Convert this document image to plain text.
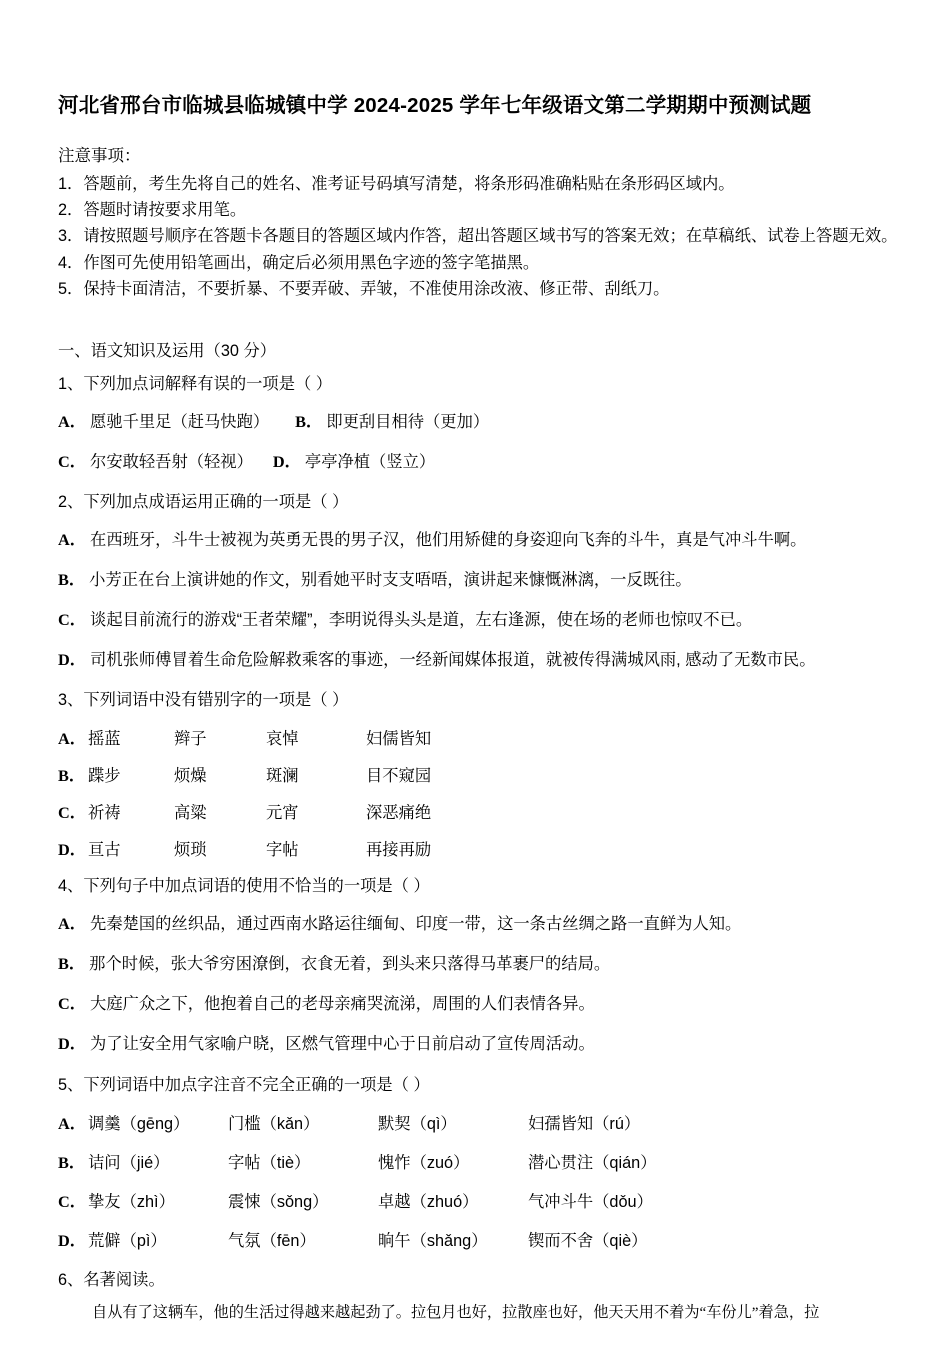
河北省邢台市临城县临城镇中学 2024-2025 学年七年级语文第二学期期中预测试题
注意事项：
1．答题前，考生先将自己的姓名、准考证号码填写清楚，将条形码准确粘贴在条形码区域内。
2．答题时请按要求用笔。
3．请按照题号顺序在答题卡各题目的答题区域内作答，超出答题区域书写的答案无效；在草稿纸、试卷上答题无效。
4．作图可先使用铅笔画出，确定后必须用黑色字迹的签字笔描黑。
5．保持卡面清洁，不要折暴、不要弄破、弄皱，不准使用涂改液、修正带、刮纸刀。
一、语文知识及运用（30 分）
1、下列加点词解释有误的一项是（ ）
A． 愿驰千里足（赶马快跑） B． 即更刮目相待（更加）
C． 尔安敢轻吾射（轻视） D． 亭亭净植（竖立）
2、下列加点成语运用正确的一项是（ ）
A． 在西班牙，斗牛士被视为英勇无畏的男子汉，他们用矫健的身姿迎向飞奔的斗牛，真是气冲斗牛啊。
B． 小芳正在台上演讲她的作文，别看她平时支支唔唔，演讲起来慷慨淋漓，一反既往。
C． 谈起目前流行的游戏“王者荣耀”，李明说得头头是道，左右逢源，使在场的老师也惊叹不已。
D． 司机张师傅冒着生命危险解救乘客的事迹，一经新闻媒体报道，就被传得满城风雨, 感动了无数市民。
3、下列词语中没有错别字的一项是（ ）
A． 摇蓝	辫子	哀悼	妇儒皆知
B． 蹀步	烦燥	斑澜	目不窥园
C． 祈祷	高粱	元宵	深恶痛绝
D． 亘古	烦琐	字帖	再接再励
4、下列句子中加点词语的使用不恰当的一项是（ ）
A． 先秦楚国的丝织品，通过西南水路运往缅甸、印度一带，这一条古丝绸之路一直鲜为人知。
B． 那个时候，张大爷穷困潦倒，衣食无着，到头来只落得马革裹尸的结局。
C． 大庭广众之下，他抱着自己的老母亲痛哭流涕，周围的人们表情各异。
D． 为了让安全用气家喻户晓，区燃气管理中心于日前启动了宣传周活动。
5、下列词语中加点字注音不完全正确的一项是（ ）
A． 调羹（gēng）	门槛（kǎn）	默契（qì）	妇孺皆知（rú）
B． 诘问（jié）	字帖（tiè）	愧怍（zuó）	潜心贯注（qián）
C． 挚友（zhì）	震悚（sǒng）	卓越（zhuó）	气冲斗牛（dǒu）
D． 荒僻（pì）	气氛（fēn）	晌午（shǎng）	锲而不舍（qiè）
6、名著阅读。

自从有了这辆车，他的生活过得越来越起劲了。拉包月也好，拉散座也好，他天天用不着为“车份儿”着急，拉
